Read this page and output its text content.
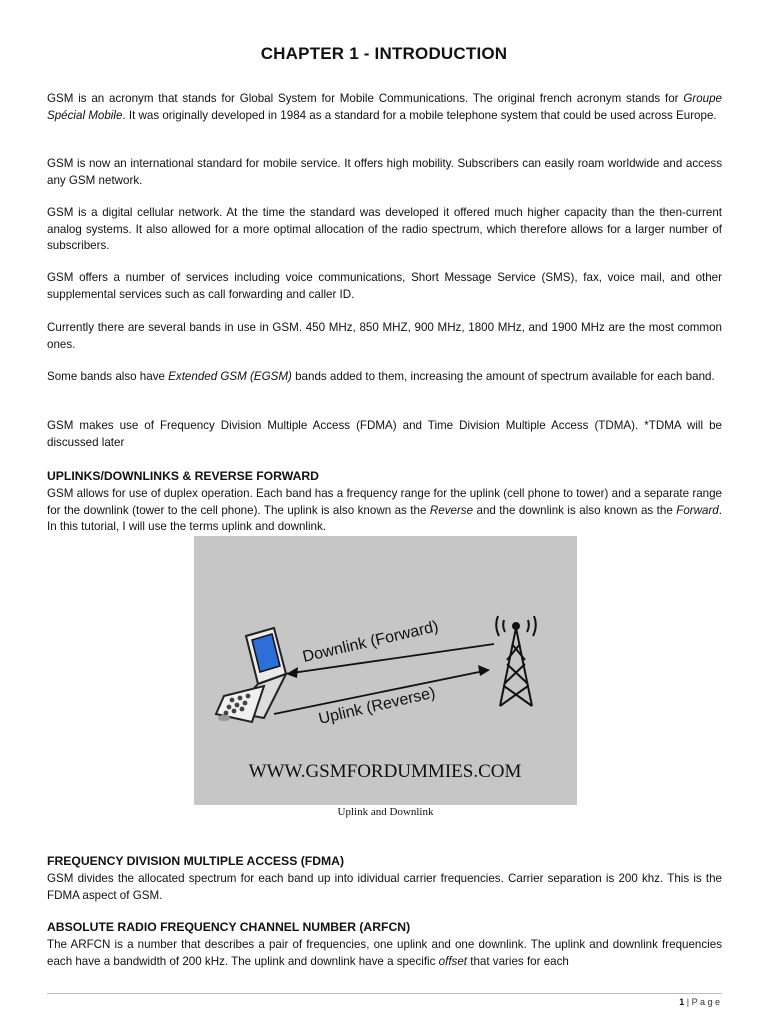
CHAPTER 1 - INTRODUCTION

GSM is an acronym that stands for Global System for Mobile Communications. The original french acronym stands for Groupe Spécial Mobile. It was originally developed in 1984 as a standard for a mobile telephone system that could be used across Europe.

GSM is now an international standard for mobile service. It offers high mobility. Subscribers can easily roam worldwide and access any GSM network.

GSM is a digital cellular network. At the time the standard was developed it offered much higher capacity than the then-current analog systems. It also allowed for a more optimal allocation of the radio spectrum, which therefore allows for a larger number of subscribers.

GSM offers a number of services including voice communications, Short Message Service (SMS), fax, voice mail, and other supplemental services such as call forwarding and caller ID.

Currently there are several bands in use in GSM. 450 MHz, 850 MHZ, 900 MHz, 1800 MHz, and 1900 MHz are the most common ones.

Some bands also have Extended GSM (EGSM) bands added to them, increasing the amount of spectrum available for each band.

GSM makes use of Frequency Division Multiple Access (FDMA) and Time Division Multiple Access (TDMA). *TDMA will be discussed later

UPLINKS/DOWNLINKS & REVERSE FORWARD

GSM allows for use of duplex operation. Each band has a frequency range for the uplink (cell phone to tower) and a separate range for the downlink (tower to the cell phone). The uplink is also known as the Reverse and the downlink is also known as the Forward. In this tutorial, I will use the terms uplink and downlink.

Downlink (Forward)
Uplink (Reverse)
WWW.GSMFORDUMMIES.COM
Uplink and Downlink
FREQUENCY DIVISION MULTIPLE ACCESS (FDMA)

GSM divides the allocated spectrum for each band up into idividual carrier frequencies. Carrier separation is 200 khz. This is the FDMA aspect of GSM.

ABSOLUTE RADIO FREQUENCY CHANNEL NUMBER (ARFCN)

The ARFCN is a number that describes a pair of frequencies, one uplink and one downlink. The uplink and downlink frequencies each have a bandwidth of 200 kHz. The uplink and downlink have a specific offset that varies for each

1 | P a g e
